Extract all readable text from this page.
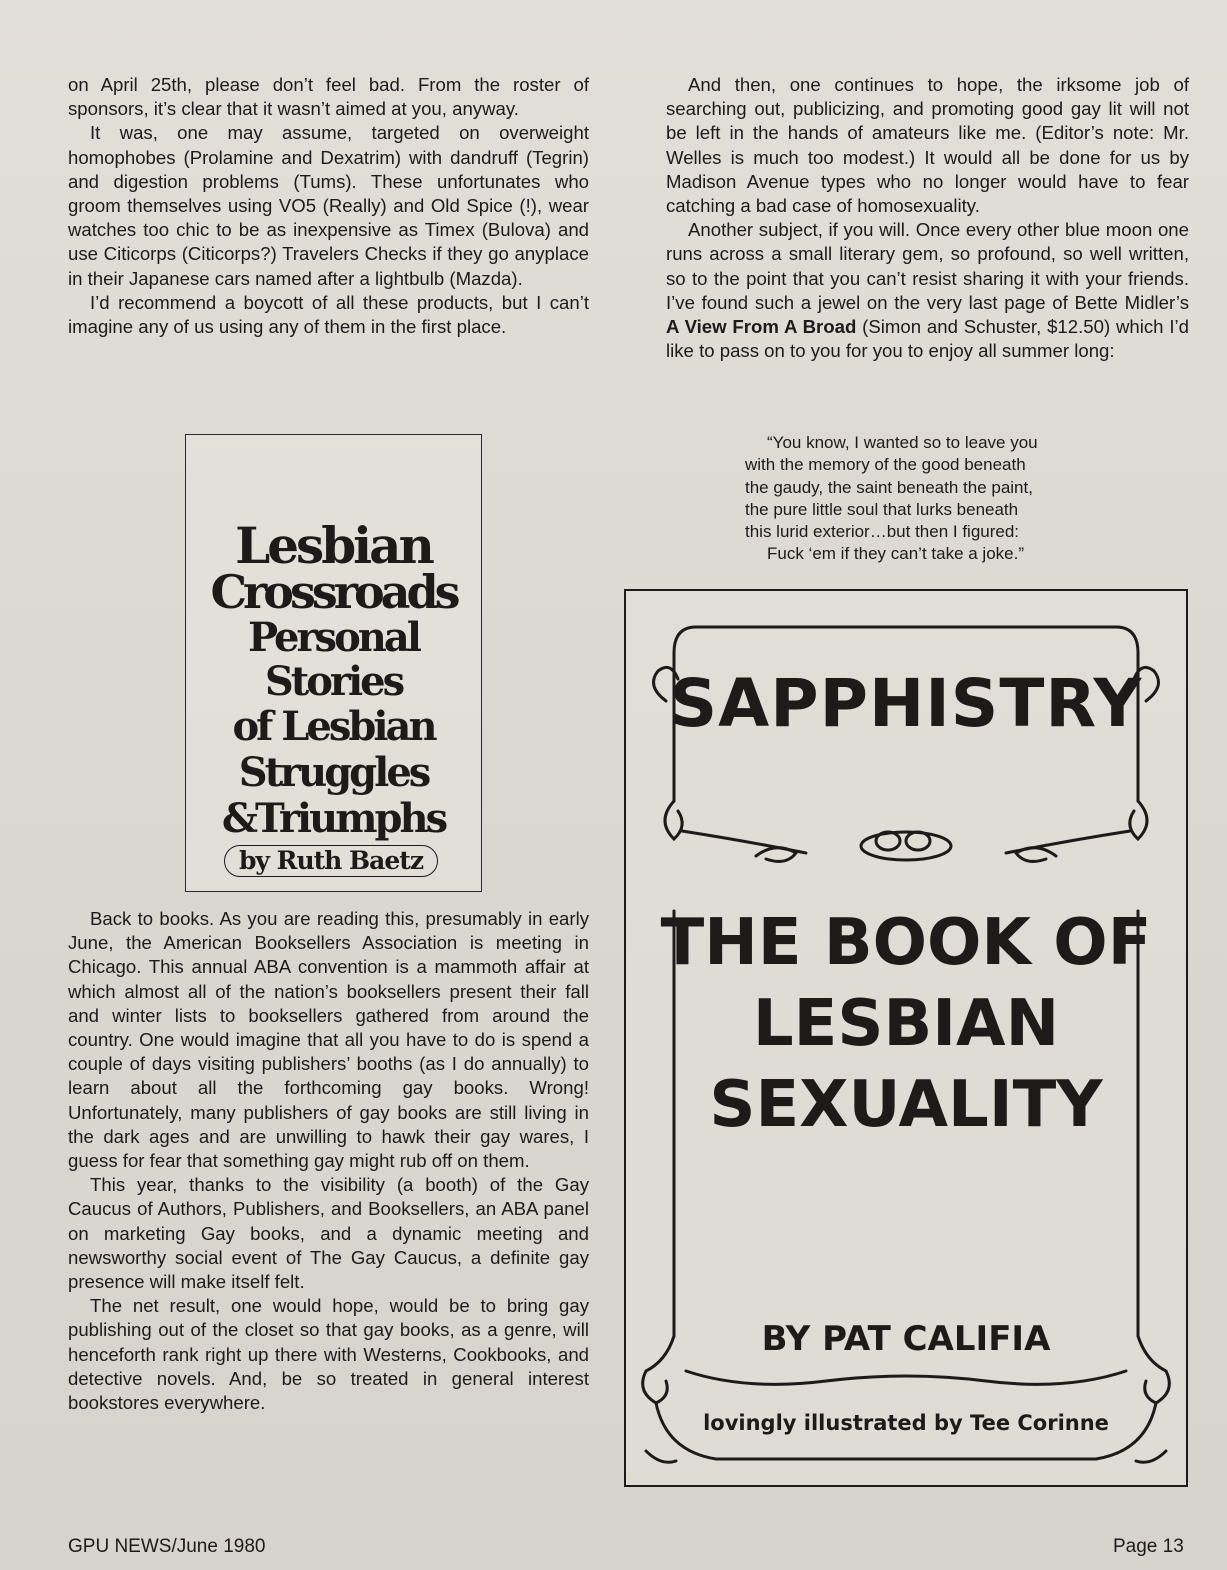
on April 25th, please don’t feel bad. From the roster of sponsors, it’s clear that it wasn’t aimed at you, anyway.

It was, one may assume, targeted on overweight homophobes (Prolamine and Dexatrim) with dandruff (Tegrin) and digestion problems (Tums). These unfortunates who groom themselves using VO5 (Really) and Old Spice (!), wear watches too chic to be as inexpensive as Timex (Bulova) and use Citicorps (Citicorps?) Travelers Checks if they go anyplace in their Japanese cars named after a lightbulb (Mazda).

I’d recommend a boycott of all these products, but I can’t imagine any of us using any of them in the first place.

Lesbian
Crossroads
Personal
Stories
of Lesbian
Struggles
&Triumphs
by Ruth Baetz

Back to books. As you are reading this, presumably in early June, the American Booksellers Association is meeting in Chicago. This annual ABA convention is a mammoth affair at which almost all of the nation’s booksellers present their fall and winter lists to booksellers gathered from around the country. One would imagine that all you have to do is spend a couple of days visiting publishers’ booths (as I do annually) to learn about all the forthcoming gay books. Wrong! Unfortunately, many publishers of gay books are still living in the dark ages and are unwilling to hawk their gay wares, I guess for fear that something gay might rub off on them.

This year, thanks to the visibility (a booth) of the Gay Caucus of Authors, Publishers, and Booksellers, an ABA panel on marketing Gay books, and a dynamic meeting and newsworthy social event of The Gay Caucus, a definite gay presence will make itself felt.

The net result, one would hope, would be to bring gay publishing out of the closet so that gay books, as a genre, will henceforth rank right up there with Westerns, Cookbooks, and detective novels. And, be so treated in general interest bookstores everywhere.

And then, one continues to hope, the irksome job of searching out, publicizing, and promoting good gay lit will not be left in the hands of amateurs like me. (Editor’s note: Mr. Welles is much too modest.) It would all be done for us by Madison Avenue types who no longer would have to fear catching a bad case of homosexuality.

Another subject, if you will. Once every other blue moon one runs across a small literary gem, so profound, so well written, so to the point that you can’t resist sharing it with your friends. I’ve found such a jewel on the very last page of Bette Midler’s A View From A Broad (Simon and Schuster, $12.50) which I’d like to pass on to you for you to enjoy all summer long:

“You know, I wanted so to leave you
with the memory of the good beneath
the gaudy, the saint beneath the paint,
the pure little soul that lurks beneath
this lurid exterior…but then I figured:
Fuck ‘em if they can’t take a joke.”
SAPPHISTRY
THE BOOK OF
LESBIAN
SEXUALITY
BY PAT CALIFIA
lovingly illustrated by Tee Corinne
GPU NEWS/June 1980	Page 13
